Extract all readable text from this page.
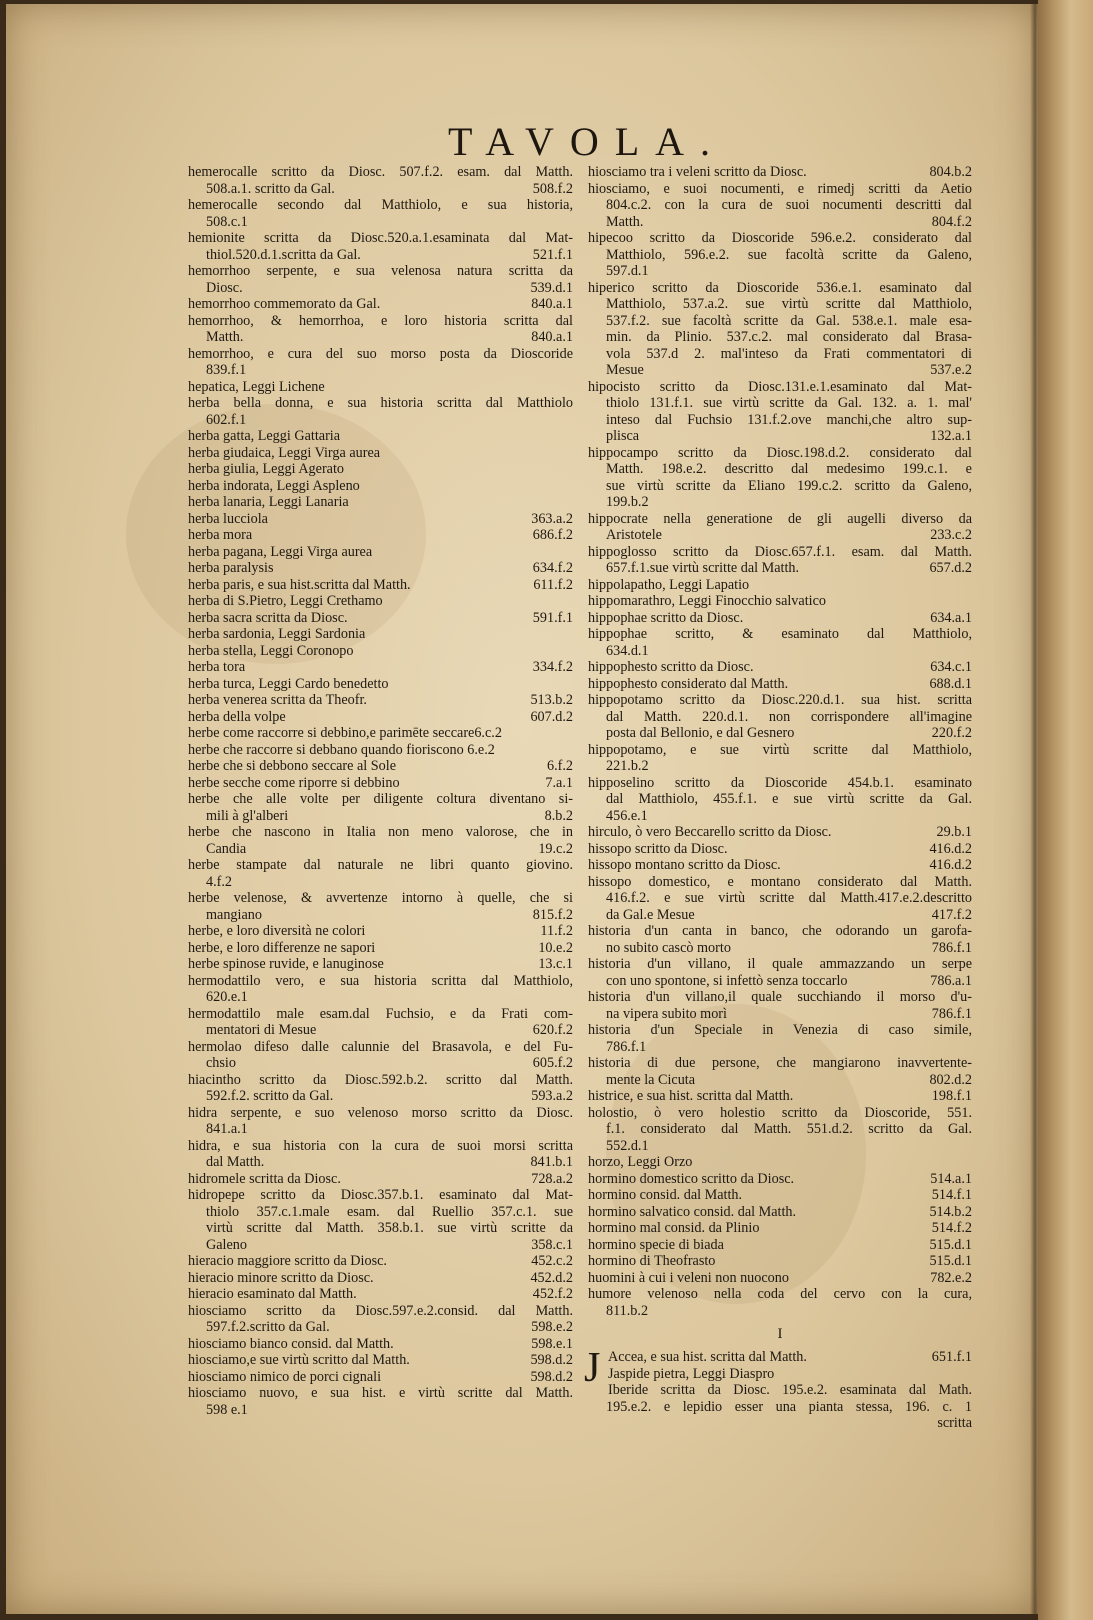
TAVOLA.
hemerocalle scritto da Diosc. 507.f.2. esam. dal Matth.
508.a.1. scritto da Gal.	508.f.2
hemerocalle secondo dal Matthiolo, e sua historia,
508.c.1
hemionite scritta da Diosc.520.a.1.esaminata dal Mat-
thiol.520.d.1.scritta da Gal.	521.f.1
hemorrhoo serpente, e sua velenosa natura scritta da
Diosc.	539.d.1
hemorrhoo commemorato da Gal.	840.a.1
hemorrhoo, & hemorrhoa, e loro historia scritta dal
Matth.	840.a.1
hemorrhoo, e cura del suo morso posta da Dioscoride
839.f.1
hepatica, Leggi Lichene
herba bella donna, e sua historia scritta dal Matthiolo
602.f.1
herba gatta, Leggi Gattaria
herba giudaica, Leggi Virga aurea
herba giulia, Leggi Agerato
herba indorata, Leggi Aspleno
herba lanaria, Leggi Lanaria
herba lucciola	363.a.2
herba mora	686.f.2
herba pagana, Leggi Virga aurea
herba paralysis	634.f.2
herba paris, e sua hist.scritta dal Matth.	611.f.2
herba di S.Pietro, Leggi Crethamo
herba sacra scritta da Diosc.	591.f.1
herba sardonia, Leggi Sardonia
herba stella, Leggi Coronopo
herba tora	334.f.2
herba turca, Leggi Cardo benedetto
herba venerea scritta da Theofr.	513.b.2
herba della volpe	607.d.2
herbe come raccorre si debbino,e parimēte seccare6.c.2
herbe che raccorre si debbano quando fioriscono 6.e.2
herbe che si debbono seccare al Sole	6.f.2
herbe secche come riporre si debbino	7.a.1
herbe che alle volte per diligente coltura diventano si-
mili à gl'alberi	8.b.2
herbe che nascono in Italia non meno valorose, che in
Candia	19.c.2
herbe stampate dal naturale ne libri quanto giovino.
4.f.2
herbe velenose, & avvertenze intorno à quelle, che si
mangiano	815.f.2
herbe, e loro diversità ne colori	11.f.2
herbe, e loro differenze ne sapori	10.e.2
herbe spinose ruvide, e lanuginose	13.c.1
hermodattilo vero, e sua historia scritta dal Matthiolo,
620.e.1
hermodattilo male esam.dal Fuchsio, e da Frati com-
mentatori di Mesue	620.f.2
hermolao difeso dalle calunnie del Brasavola, e del Fu-
chsio	605.f.2
hiacintho scritto da Diosc.592.b.2. scritto dal Matth.
592.f.2. scritto da Gal.	593.a.2
hidra serpente, e suo velenoso morso scritto da Diosc.
841.a.1
hidra, e sua historia con la cura de suoi morsi scritta
dal Matth.	841.b.1
hidromele scritta da Diosc.	728.a.2
hidropepe scritto da Diosc.357.b.1. esaminato dal Mat-
thiolo 357.c.1.male esam. dal Ruellio 357.c.1. sue
virtù scritte dal Matth. 358.b.1. sue virtù scritte da
Galeno	358.c.1
hieracio maggiore scritto da Diosc.	452.c.2
hieracio minore scritto da Diosc.	452.d.2
hieracio esaminato dal Matth.	452.f.2
hiosciamo scritto da Diosc.597.e.2.consid. dal Matth.
597.f.2.scritto da Gal.	598.e.2
hiosciamo bianco consid. dal Matth.	598.e.1
hiosciamo,e sue virtù scritto dal Matth.	598.d.2
hiosciamo nimico de porci cignali	598.d.2
hiosciamo nuovo, e sua hist. e virtù scritte dal Matth.
598 e.1
hiosciamo tra i veleni scritto da Diosc.	804.b.2
hiosciamo, e suoi nocumenti, e rimedj scritti da Aetio
804.c.2. con la cura de suoi nocumenti descritti dal
Matth.	804.f.2
hipecoo scritto da Dioscoride 596.e.2. considerato dal
Matthiolo, 596.e.2. sue facoltà scritte da Galeno,
597.d.1
hiperico scritto da Dioscoride 536.e.1. esaminato dal
Matthiolo, 537.a.2. sue virtù scritte dal Matthiolo,
537.f.2. sue facoltà scritte da Gal. 538.e.1. male esa-
min. da Plinio. 537.c.2. mal considerato dal Brasa-
vola 537.d 2. mal'inteso da Frati commentatori di
Mesue	537.e.2
hipocisto scritto da Diosc.131.e.1.esaminato dal Mat-
thiolo 131.f.1. sue virtù scritte da Gal. 132. a. 1. mal'
inteso dal Fuchsio 131.f.2.ove manchi,che altro sup-
plisca	132.a.1
hippocampo scritto da Diosc.198.d.2. considerato dal
Matth. 198.e.2. descritto dal medesimo 199.c.1. e
sue virtù scritte da Eliano 199.c.2. scritto da Galeno,
199.b.2
hippocrate nella generatione de gli augelli diverso da
Aristotele	233.c.2
hippoglosso scritto da Diosc.657.f.1. esam. dal Matth.
657.f.1.sue virtù scritte dal Matth.	657.d.2
hippolapatho, Leggi Lapatio
hippomarathro, Leggi Finocchio salvatico
hippophae scritto da Diosc.	634.a.1
hippophae scritto, & esaminato dal Matthiolo,
634.d.1
hippophesto scritto da Diosc.	634.c.1
hippophesto considerato dal Matth.	688.d.1
hippopotamo scritto da Diosc.220.d.1. sua hist. scritta
dal Matth. 220.d.1. non corrispondere all'imagine
posta dal Bellonio, e dal Gesnero	220.f.2
hippopotamo, e sue virtù scritte dal Matthiolo,
221.b.2
hipposelino scritto da Dioscoride 454.b.1. esaminato
dal Matthiolo, 455.f.1. e sue virtù scritte da Gal.
456.e.1
hirculo, ò vero Beccarello scritto da Diosc.	29.b.1
hissopo scritto da Diosc.	416.d.2
hissopo montano scritto da Diosc.	416.d.2
hissopo domestico, e montano considerato dal Matth.
416.f.2. e sue virtù scritte dal Matth.417.e.2.descritto
da Gal.e Mesue	417.f.2
historia d'un canta in banco, che odorando un garofa-
no subito cascò morto	786.f.1
historia d'un villano, il quale ammazzando un serpe
con uno spontone, si infettò senza toccarlo	786.a.1
historia d'un villano,il quale succhiando il morso d'u-
na vipera subito morì	786.f.1
historia d'un Speciale in Venezia di caso simile,
786.f.1
historia di due persone, che mangiarono inavvertente-
mente la Cicuta	802.d.2
histrice, e sua hist. scritta dal Matth.	198.f.1
holostio, ò vero holestio scritto da Dioscoride, 551.
f.1. considerato dal Matth. 551.d.2. scritto da Gal.
552.d.1
horzo, Leggi Orzo
hormino domestico scritto da Diosc.	514.a.1
hormino consid. dal Matth.	514.f.1
hormino salvatico consid. dal Matth.	514.b.2
hormino mal consid. da Plinio	514.f.2
hormino specie di biada	515.d.1
hormino di Theofrasto	515.d.1
huomini à cui i veleni non nuocono	782.e.2
humore velenoso nella coda del cervo con la cura,
811.b.2
I
J Accea, e sua hist. scritta dal Matth.	651.f.1
Jaspide pietra, Leggi Diaspro
Iberide scritta da Diosc. 195.e.2. esaminata dal Math.
195.e.2. e lepidio esser una pianta stessa, 196. c. 1
scritta
